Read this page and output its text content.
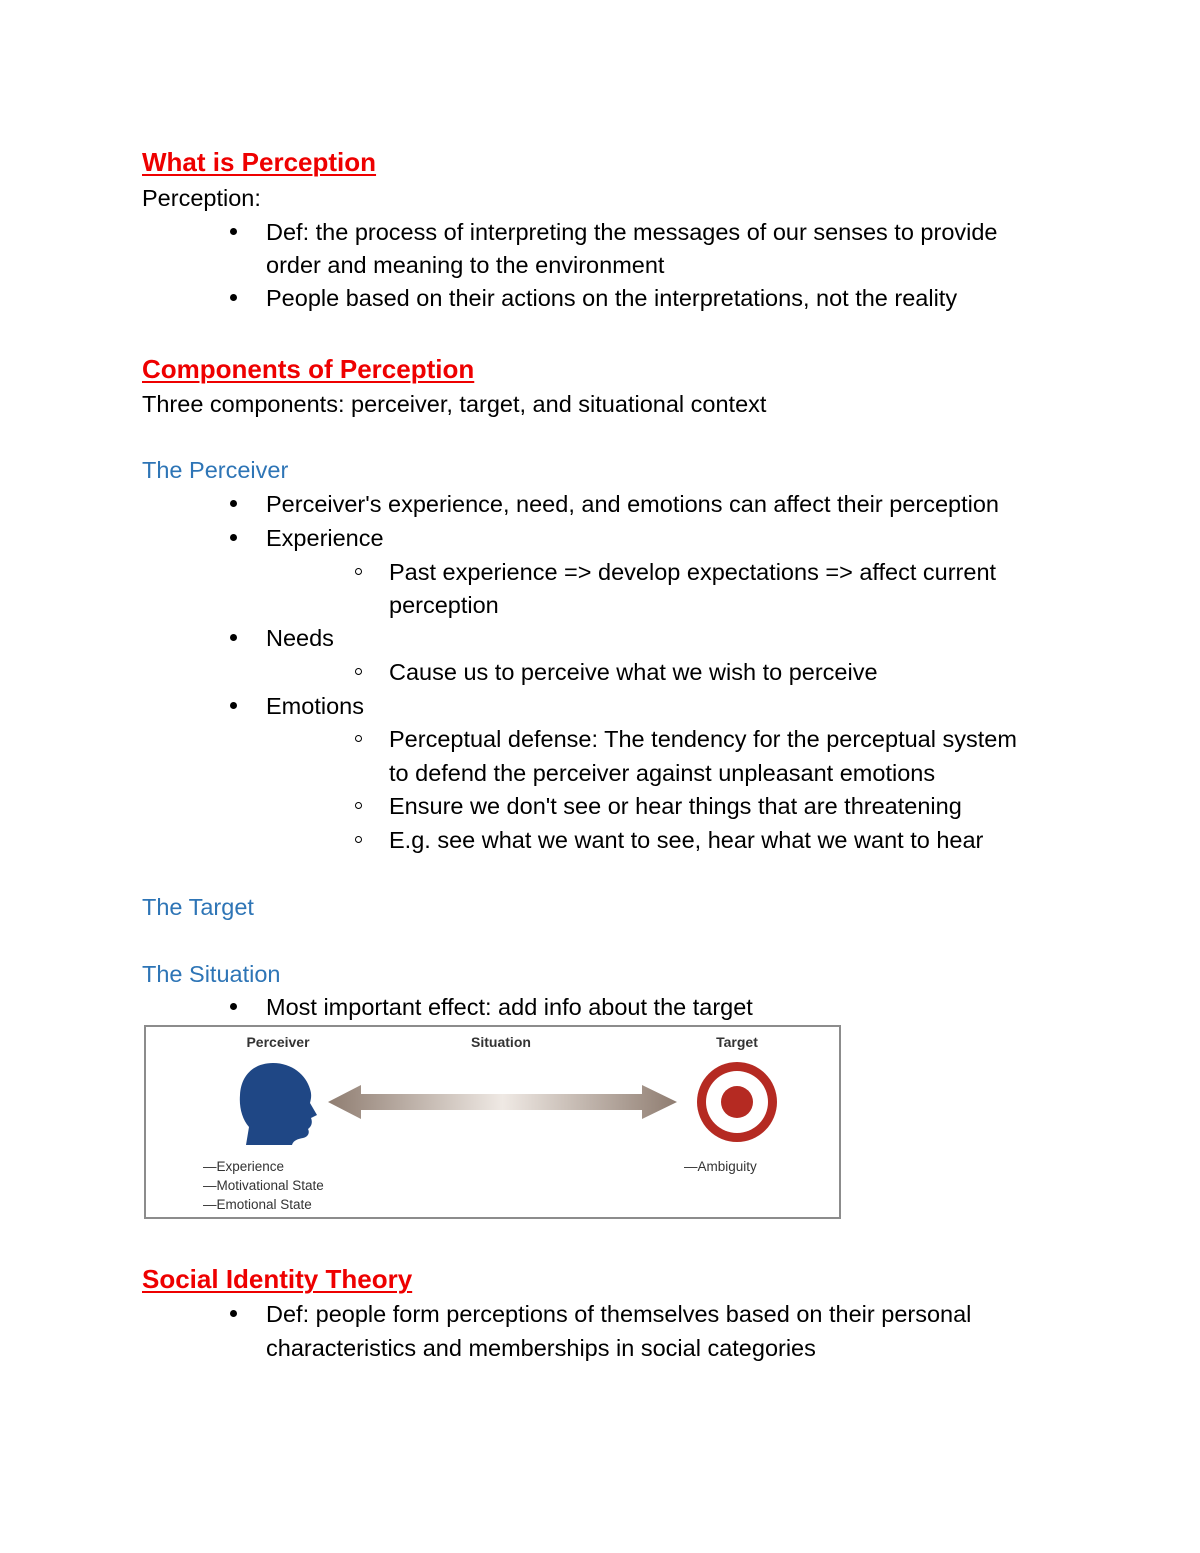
What is Perception
Perception:
Def: the process of interpreting the messages of our senses to provide
order and meaning to the environment
People based on their actions on the interpretations, not the reality
Components of Perception
Three components: perceiver, target, and situational context
The Perceiver
Perceiver's experience, need, and emotions can affect their perception
Experience
Past experience => develop expectations => affect current
perception
Needs
Cause us to perceive what we wish to perceive
Emotions
Perceptual defense: The tendency for the perceptual system
to defend the perceiver against unpleasant emotions
Ensure we don't see or hear things that are threatening
E.g. see what we want to see, hear what we want to hear
The Target
The Situation
Most important effect: add info about the target
Perceiver	Situation	Target
—Experience
—Motivational State
—Emotional State
—Ambiguity
Social Identity Theory
Def: people form perceptions of themselves based on their personal
characteristics and memberships in social categories
